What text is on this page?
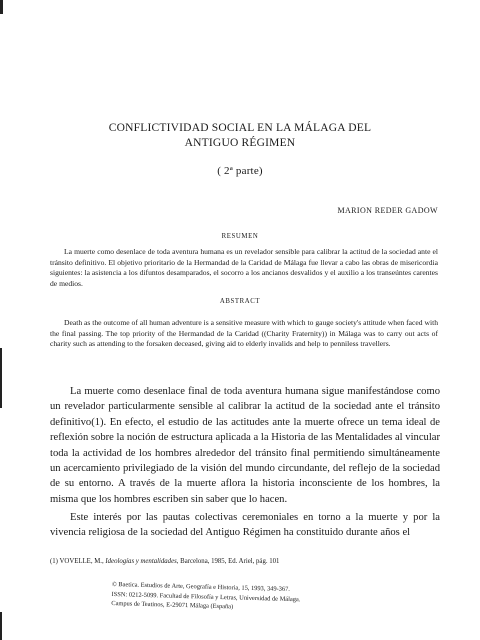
CONFLICTIVIDAD SOCIAL EN LA MÁLAGA DEL
ANTIGUO RÉGIMEN
( 2ª parte)
MARION REDER GADOW
RESUMEN
La muerte como desenlace de toda aventura humana es un revelador sensible para calibrar la actitud de la sociedad ante el tránsito definitivo. El objetivo prioritario de la Hermandad de la Caridad de Málaga fue llevar a cabo las obras de misericordia siguientes: la asistencia a los difuntos desamparados, el socorro a los ancianos desvalidos y el auxilio a los transeúntes carentes de medios.
ABSTRACT
Death as the outcome of all human adventure is a sensitive measure with which to gauge society's attitude when faced with the final passing. The top priority of the Hermandad de la Caridad ((Charity Fraternity)) in Málaga was to carry out acts of charity such as attending to the forsaken deceased, giving aid to elderly invalids and help to penniless travellers.
La muerte como desenlace final de toda aventura humana sigue manifestándose como un revelador particularmente sensible al calibrar la actitud de la sociedad ante el tránsito definitivo(1). En efecto, el estudio de las actitudes ante la muerte ofrece un tema ideal de reflexión sobre la noción de estructura aplicada a la Historia de las Mentalidades al vincular toda la actividad de los hombres alrededor del tránsito final permitiendo simultáneamente un acercamiento privilegiado de la visión del mundo circundante, del reflejo de la sociedad de su entorno. A través de la muerte aflora la historia inconsciente de los hombres, la misma que los hombres escriben sin saber que lo hacen.
Este interés por las pautas colectivas ceremoniales en torno a la muerte y por la vivencia religiosa de la sociedad del Antiguo Régimen ha constituido durante años el
(1) VOVELLE, M., Ideologías y mentalidades, Barcelona, 1985, Ed. Ariel, pág. 101
© Baetica. Estudios de Arte, Geografía e Historia, 15, 1993, 349-367.
ISSN: 0212-5099. Facultad de Filosofía y Letras, Universidad de Málaga.
Campus de Teatinos, E-29071 Málaga (España)
